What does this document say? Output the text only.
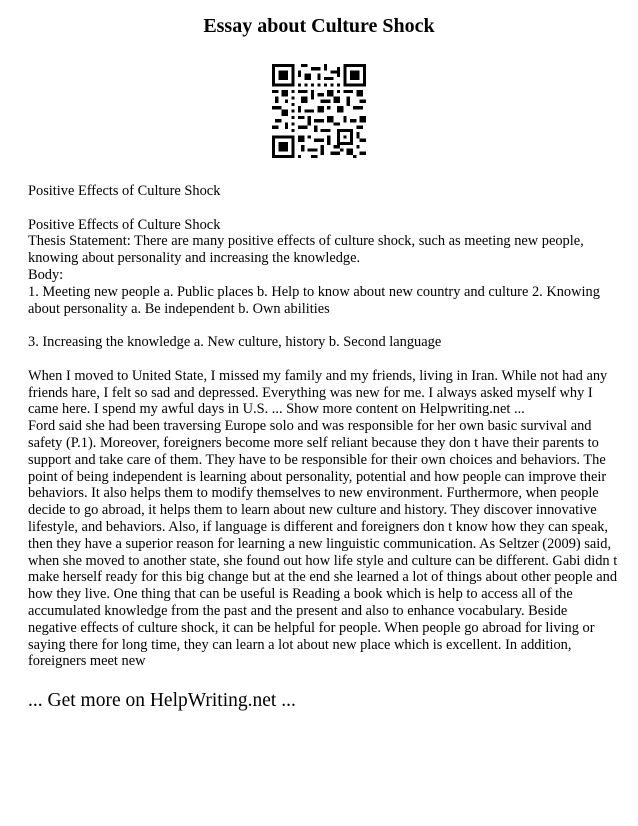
Essay about Culture Shock

Positive Effects of Culture Shock

Positive Effects of Culture Shock

Thesis Statement: There are many positive effects of culture shock, such as meeting new people, knowing about personality and increasing the knowledge.

Body:

1. Meeting new people a. Public places b. Help to know about new country and culture 2. Knowing about personality a. Be independent b. Own abilities

3. Increasing the knowledge a. New culture, history b. Second language

When I moved to United State, I missed my family and my friends, living in Iran. While not had any friends hare, I felt so sad and depressed. Everything was new for me. I always asked myself why I came here. I spend my awful days in U.S. ... Show more content on Helpwriting.net ...

Ford said she had been traversing Europe solo and was responsible for her own basic survival and safety (P.1). Moreover, foreigners become more self reliant because they don t have their parents to support and take care of them. They have to be responsible for their own choices and behaviors. The point of being independent is learning about personality, potential and how people can improve their behaviors. It also helps them to modify themselves to new environment. Furthermore, when people decide to go abroad, it helps them to learn about new culture and history. They discover innovative lifestyle, and behaviors. Also, if language is different and foreigners don t know how they can speak, then they have a superior reason for learning a new linguistic communication. As Seltzer (2009) said, when she moved to another state, she found out how life style and culture can be different. Gabi didn t make herself ready for this big change but at the end she learned a lot of things about other people and how they live. One thing that can be useful is Reading a book which is help to access all of the accumulated knowledge from the past and the present and also to enhance vocabulary. Beside negative effects of culture shock, it can be helpful for people. When people go abroad for living or saying there for long time, they can learn a lot about new place which is excellent. In addition, foreigners meet new

... Get more on HelpWriting.net ...
